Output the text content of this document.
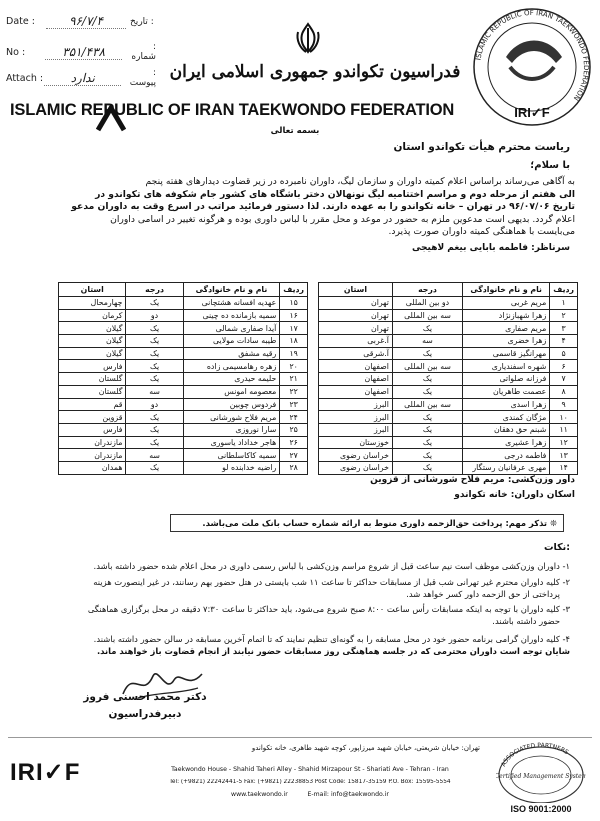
Date :	۹۶/۷/۴	: تاریخ
No :	۳۵۱/۴۳۸	: شماره
Attach :	ندارد	: پیوست
فدراسیون تکواندو جمهوری اسلامی ایران
ISLAMIC REPUBLIC OF IRAN TAEKWONDO FEDERATION
ISLAMIC REPUBLIC OF IRAN TAEKWONDO FEDERATION
IRI✓F
بسمه تعالی
ریاست محترم هیأت تکواندو استان
با سلام؛
به آگاهی می‌رساند براساس اعلام کمیته داوران و سازمان لیگ، داوران نامبرده در زیر قضاوت دیدارهای هفته پنجم
الی هفتم از مرحله دوم و مراسم اختتامیه لیگ نونهالان دختر باشگاه های کشور جام شکوفه های تکواندو در
تاریخ ۹۶/۰۷/۰۶ در تهران – خانه تکواندو را به عهده دارند. لذا دستور فرمائید مراتب در اسرع وقت به داوران مدعو
اعلام گردد. بدیهی است مدعوین ملزم به حضور در موعد و محل مقرر با لباس داوری بوده و هرگونه تغییر در اسامی داوران
می‌بایست با هماهنگی کمیته داوران صورت پذیرد.
سرناظر: فاطمه بابایی بیغم لاهیجی
ردیف	نام و نام خانوادگی	درجه	استان
۱	مریم غربی	دو بین المللی	تهران
۲	زهرا شهبازنژاد	سه بین المللی	تهران
۳	مریم صفاری	یک	تهران
۴	زهرا خضری	سه	آ.غربی
۵	مهرانگیز قاسمی	یک	آ.شرقی
۶	شهره اسفندیاری	سه بین المللی	اصفهان
۷	فرزانه صلواتی	یک	اصفهان
۸	عصمت طاهریان	یک	اصفهان
۹	زهرا اسدی	سه بین المللی	البرز
۱۰	مژگان کمندی	یک	البرز
۱۱	شبنم حق دهقان	یک	البرز
۱۲	زهرا عشیری	یک	خوزستان
۱۳	فاطمه درجی	یک	خراسان رضوی
۱۴	مهری عرفانیان رستگار	یک	خراسان رضوی
ردیف	نام و نام خانوادگی	درجه	استان
۱۵	عهدیه افسانه هشتچانی	یک	چهارمحال
۱۶	سمیه بازمانده ده چینی	دو	کرمان
۱۷	آیدا صفاری شمالی	یک	گیلان
۱۸	طیبه سادات مولایی	یک	گیلان
۱۹	رقیه مشفق	یک	گیلان
۲۰	زهره رهامسیمی زاده	یک	فارس
۲۱	حلیمه حیدری	یک	گلستان
۲۲	معصومه امونس	سه	گلستان
۲۳	فردوس چوبین	دو	قم
۲۴	مریم فلاح شورشانی	یک	قزوین
۲۵	سارا نوروزی	یک	فارس
۲۶	هاجر خداداد یاسوری	یک	مازندران
۲۷	سمیه کاکاسلطانی	سه	مازندران
۲۸	راضیه خدابنده لو	یک	همدان
داور وزن‌کشی: مریم فلاح شورشانی از قزوین
اسکان داوران: خانه تکواندو
❊ تذکر مهم: پرداخت حق‌الزحمه داوری منوط به ارائه شماره حساب بانک ملت می‌باشد.
:نکات
۱- داوران وزن‌کشی موظف است نیم ساعت قبل از شروع مراسم وزن‌کشی با لباس رسمی داوری در محل اعلام شده حضور داشته باشد.
۲- کلیه داوران محترم غیر تهرانی شب قبل از مسابقات حداکثر تا ساعت ۱۱ شب بایستی در هتل حضور بهم رسانند، در غیر اینصورت هزینه
پرداختی از حق الزحمه داور کسر خواهد شد.
۳- کلیه داوران با توجه به اینکه مسابقات رأس ساعت ۸:۰۰ صبح شروع می‌شود، باید حداکثر تا ساعت ۷:۳۰ دقیقه در محل برگزاری هماهنگی
حضور داشته باشند.
۴- کلیه داوران گرامی برنامه حضور خود در محل مسابقه را به گونه‌ای تنظیم نمایند که تا اتمام آخرین مسابقه در سالن حضور داشته باشند.
شایان توجه است داوران محترمی که در جلسه هماهنگی روز مسابقات حضور نیابند از انجام قضاوت باز خواهند ماند.
دکتر محمد احسنی فروز
دبیرفدراسیون
IRI✓F
تهران: خیابان شریعتی، خیابان شهید میرزاپور، کوچه شهید طاهری، خانه تکواندو
Taekwondo House - Shahid Taheri Alley - Shahid Mirzapour St - Shariati Ave - Tehran - Iran
Tel: (+9821) 22242441-5 Fax: (+9821) 22238853 Post Code: 15817-35159 P.O. Box: 15595-5554
www.taekwondo.ir          E-mail: info@taekwondo.ir
ASSOCIATED PARTNERS
Certified Management System
ISO 9001:2000
